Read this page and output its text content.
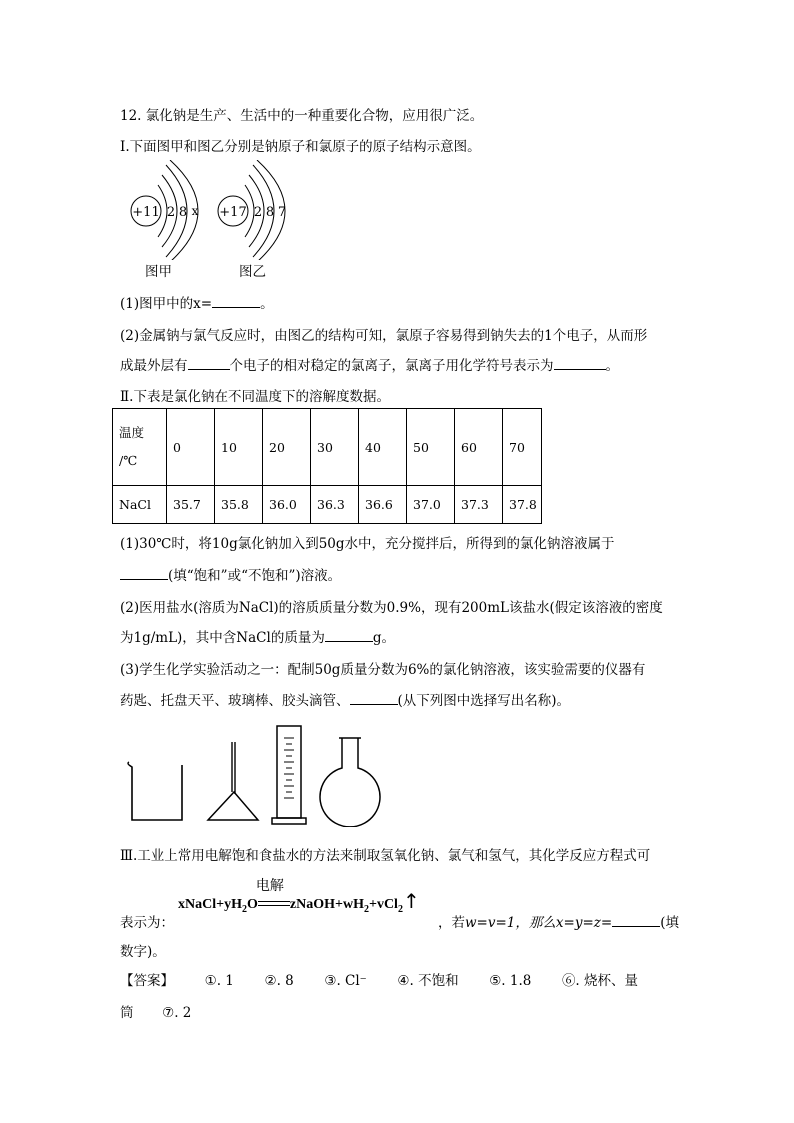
12. 氯化钠是生产、生活中的一种重要化合物，应用很广泛。
Ⅰ.下面图甲和图乙分别是钠原子和氯原子的原子结构示意图。
+11 2 8 x +17 2 8 7
图甲	图乙
(1)图甲中的x=	。
(2)金属钠与氯气反应时，由图乙的结构可知，氯原子容易得到钠失去的1个电子，从而形
成最外层有	个电子的相对稳定的氯离子，氯离子用化学符号表示为	。
Ⅱ.下表是氯化钠在不同温度下的溶解度数据。
温度
/℃	0	10	20	30	40	50	60	70
NaCl	35.7	35.8	36.0	36.3	36.6	37.0	37.3	37.8
(1)30℃时，将10g氯化钠加入到50g水中，充分搅拌后，所得到的氯化钠溶液属于
(填“饱和”或“不饱和”)溶液。
(2)医用盐水(溶质为NaCl)的溶质质量分数为0.9%，现有200mL该盐水(假定该溶液的密度
为1g/mL)，其中含NaCl的质量为	g。
(3)学生化学实验活动之一：配制50g质量分数为6%的氯化钠溶液，该实验需要的仪器有
药匙、托盘天平、玻璃棒、胶头滴管、	(从下列图中选择写出名称)。
Ⅲ.工业上常用电解饱和食盐水的方法来制取氢氧化钠、氯气和氢气，其化学反应方程式可
$xNaCl+yH_2O$
电解
$zNaOH+wH_2+vCl_2↑$
表示为：	，若w=v=1，那么x=y=z=	(填
数字)。
【答案】 ①. 1 ②. 8 ③. Cl⁻ ④. 不饱和 ⑤. 1.8 ⑥. 烧杯、量
筒 ⑦. 2
